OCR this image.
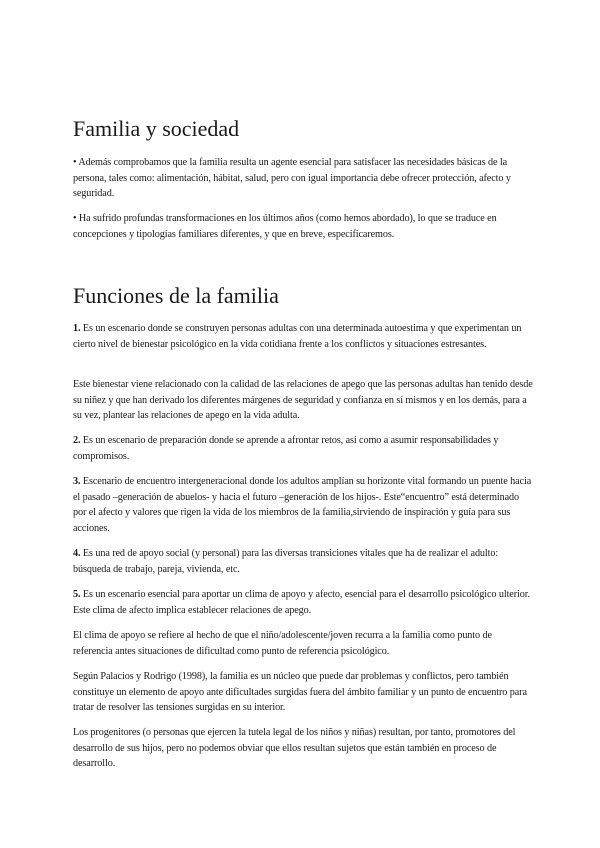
Familia y sociedad

• Además comprobamos que la familia resulta un agente esencial para satisfacer las necesidades básicas de la persona, tales como: alimentación, hábitat, salud, pero con igual importancia debe ofrecer protección, afecto y seguridad.

• Ha sufrido profundas transformaciones en los últimos años (como hemos abordado), lo que se traduce en concepciones y tipologías familiares diferentes, y que en breve, especificaremos.

Funciones de la familia

1. Es un escenario donde se construyen personas adultas con una determinada autoestima y que experimentan un cierto nivel de bienestar psicológico en la vida cotidiana frente a los conflictos y situaciones estresantes.

Este bienestar viene relacionado con la calidad de las relaciones de apego que las personas adultas han tenido desde su niñez y que han derivado los diferentes márgenes de seguridad y confianza en sí mismos y en los demás, para a su vez, plantear las relaciones de apego en la vida adulta.

2. Es un escenario de preparación donde se aprende a afrontar retos, así como a asumir responsabilidades y compromisos.

3. Escenario de encuentro intergeneracional donde los adultos amplían su horizonte vital formando un puente hacia el pasado –generación de abuelos- y hacia el futuro –generación de los hijos-. Este“encuentro” está determinado por el afecto y valores que rigen la vida de los miembros de la familia,sirviendo de inspiración y guía para sus acciones.

4. Es una red de apoyo social (y personal) para las diversas transiciones vitales que ha de realizar el adulto: búsqueda de trabajo, pareja, vivienda, etc.

5. Es un escenario esencial para aportar un clima de apoyo y afecto, esencial para el desarrollo psicológico ulterior. Este clima de afecto implica establecer relaciones de apego.

El clima de apoyo se refiere al hecho de que el niño/adolescente/joven recurra a la familia como punto de referencia antes situaciones de dificultad como punto de referencia psicológico.

Según Palacios y Rodrigo (1998), la familia es un núcleo que puede dar problemas y conflictos, pero también constituye un elemento de apoyo ante dificultades surgidas fuera del ámbito familiar y un punto de encuentro para tratar de resolver las tensiones surgidas en su interior.

Los progenitores (o personas que ejercen la tutela legal de los niños y niñas) resultan, por tanto, promotores del desarrollo de sus hijos, pero no podemos obviar que ellos resultan sujetos que están también en proceso de desarrollo.
